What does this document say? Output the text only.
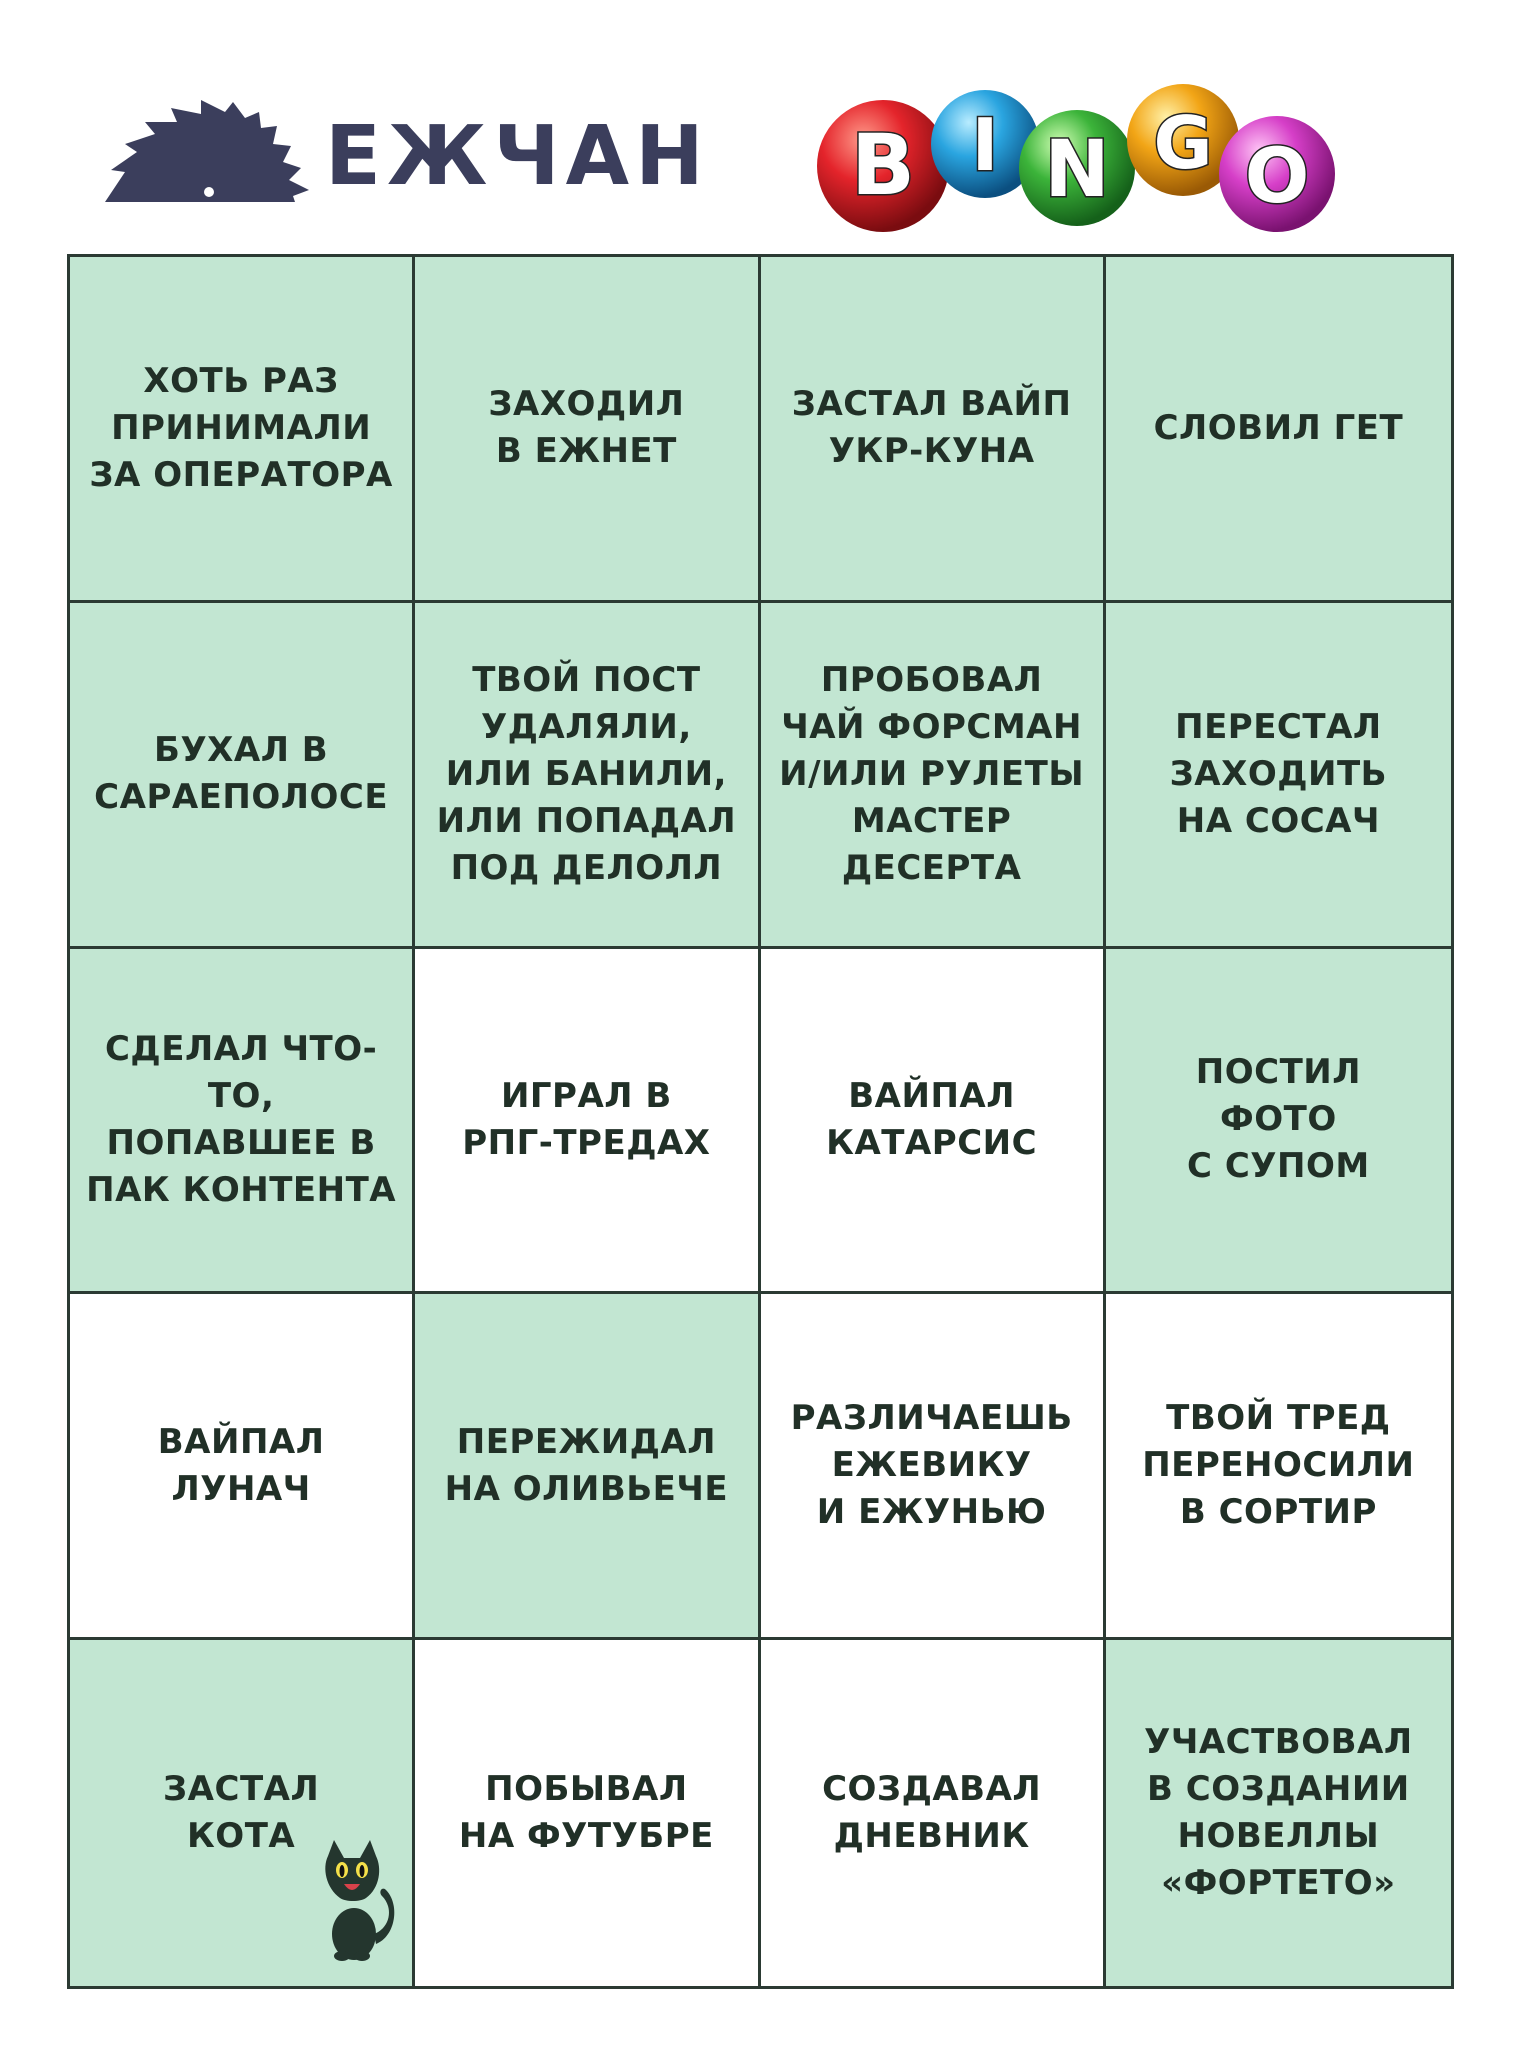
ЕЖЧАН B I N G O
ХОТЬ РАЗ
ПРИНИМАЛИ
ЗА ОПЕРАТОРА
ЗАХОДИЛ
В ЕЖНЕТ
ЗАСТАЛ ВАЙП
УКР-КУНА
СЛОВИЛ ГЕТ
БУХАЛ В
САРАЕПОЛОСЕ
ТВОЙ ПОСТ
УДАЛЯЛИ,
ИЛИ БАНИЛИ,
ИЛИ ПОПАДАЛ
ПОД ДЕЛОЛЛ
ПРОБОВАЛ
ЧАЙ ФОРСМАН
И/ИЛИ РУЛЕТЫ
МАСТЕР
ДЕСЕРТА
ПЕРЕСТАЛ
ЗАХОДИТЬ
НА СОСАЧ
СДЕЛАЛ ЧТО-ТО,
ПОПАВШЕЕ В
ПАК КОНТЕНТА
ИГРАЛ В
РПГ-ТРЕДАХ
ВАЙПАЛ
КАТАРСИС
ПОСТИЛ
ФОТО
С СУПОМ
ВАЙПАЛ
ЛУНАЧ
ПЕРЕЖИДАЛ
НА ОЛИВЬЕЧЕ
РАЗЛИЧАЕШЬ
ЕЖЕВИКУ
И ЕЖУНЬЮ
ТВОЙ ТРЕД
ПЕРЕНОСИЛИ
В СОРТИР
ЗАСТАЛ
КОТА
ПОБЫВАЛ
НА ФУТУБРЕ
СОЗДАВАЛ
ДНЕВНИК
УЧАСТВОВАЛ
В СОЗДАНИИ
НОВЕЛЛЫ
«ФОРТЕТО»
